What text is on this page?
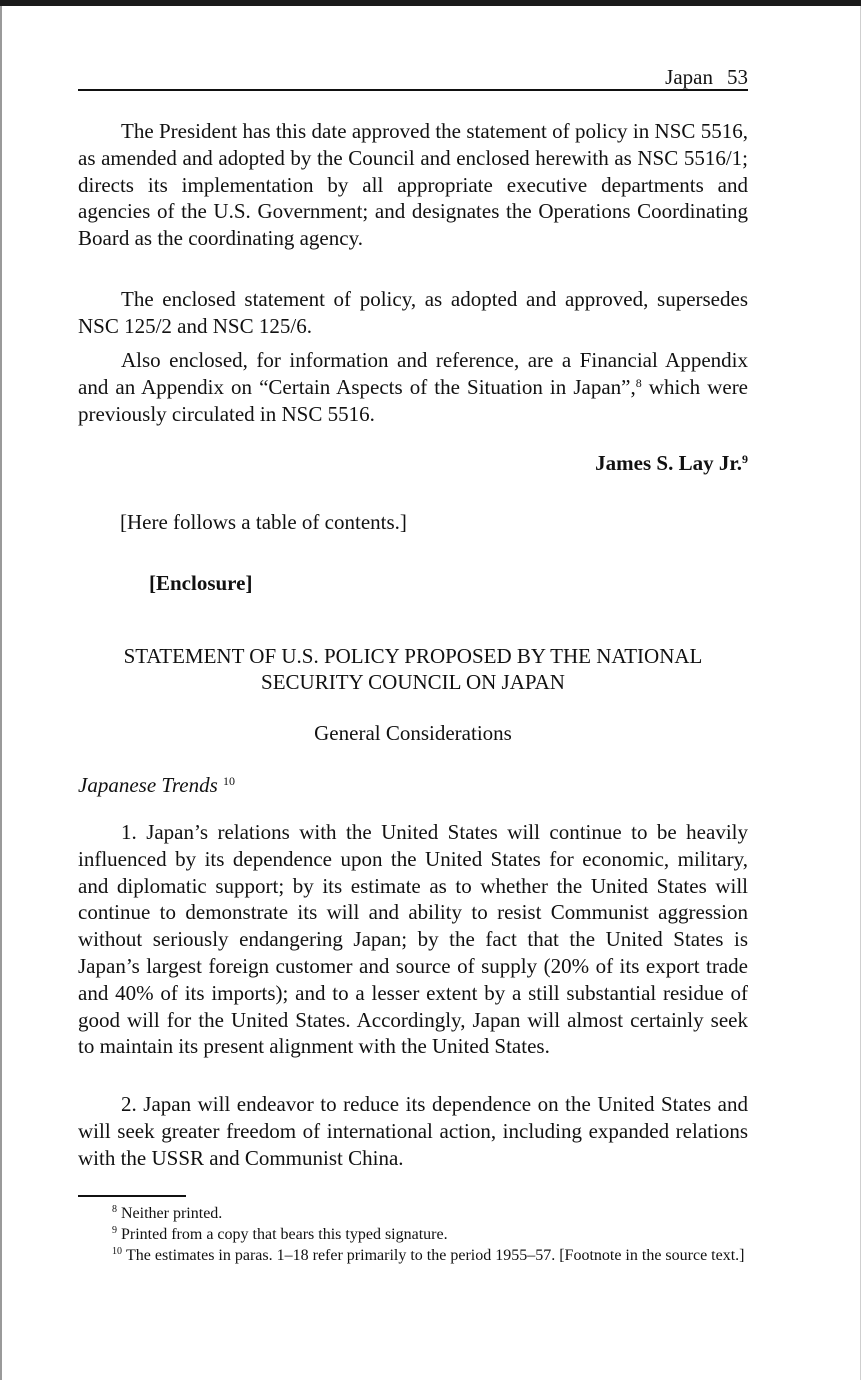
Japan 53

The President has this date approved the statement of policy in NSC 5516, as amended and adopted by the Council and enclosed herewith as NSC 5516/1; directs its implementation by all appropriate executive departments and agencies of the U.S. Government; and designates the Operations Coordinating Board as the coordinating agency.

The enclosed statement of policy, as adopted and approved, supersedes NSC 125/2 and NSC 125/6.

Also enclosed, for information and reference, are a Financial Appendix and an Appendix on “Certain Aspects of the Situation in Japan”,$^8$ which were previously circulated in NSC 5516.

James S. Lay Jr.$^9$
[Here follows a table of contents.]
[Enclosure]
STATEMENT OF U.S. POLICY PROPOSED BY THE NATIONAL
SECURITY COUNCIL ON JAPAN
General Considerations
Japanese Trends $^{10}$

1. Japan’s relations with the United States will continue to be heavily influenced by its dependence upon the United States for economic, military, and diplomatic support; by its estimate as to whether the United States will continue to demonstrate its will and ability to resist Communist aggression without seriously endangering Japan; by the fact that the United States is Japan’s largest foreign customer and source of supply (20% of its export trade and 40% of its imports); and to a lesser extent by a still substantial residue of good will for the United States. Accordingly, Japan will almost certainly seek to maintain its present alignment with the United States.

2. Japan will endeavor to reduce its dependence on the United States and will seek greater freedom of international action, including expanded relations with the USSR and Communist China.

$^8$ Neither printed.

$^9$ Printed from a copy that bears this typed signature.

$^{10}$ The estimates in paras. 1–18 refer primarily to the period 1955–57. [Footnote in the source text.]
